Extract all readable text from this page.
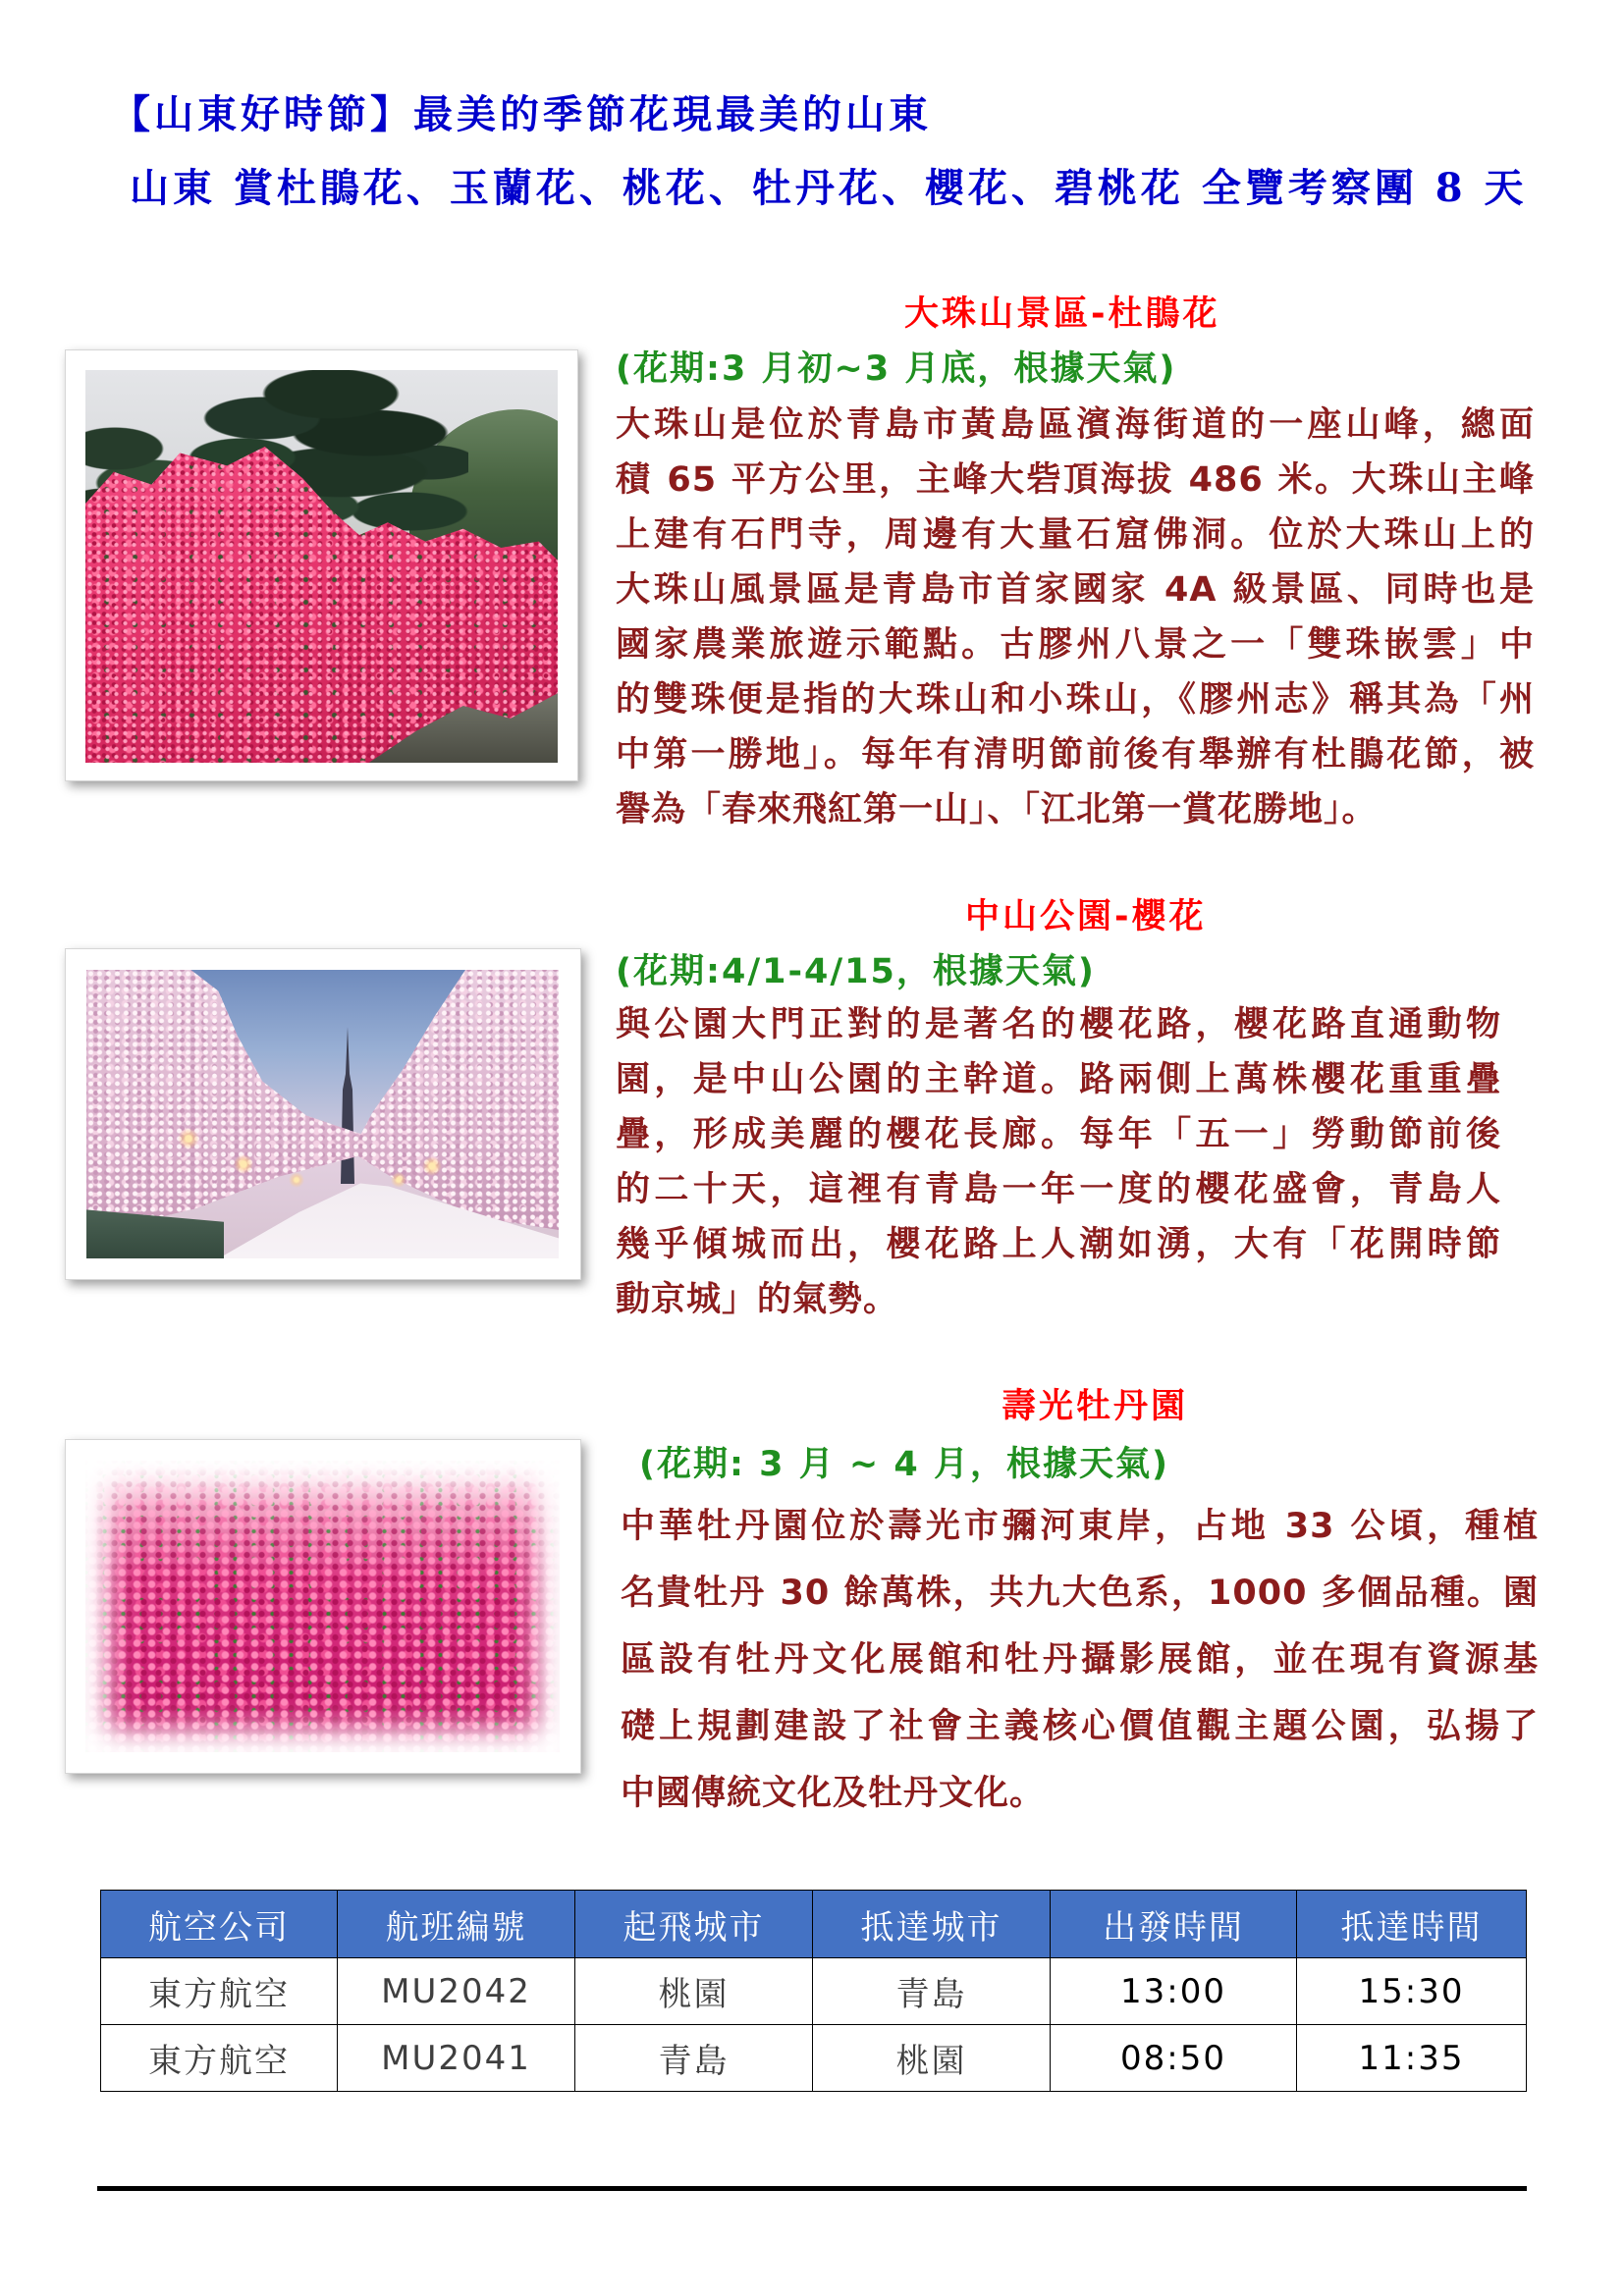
【山東好時節】最美的季節花現最美的山東
山東 賞杜鵑花、玉蘭花、桃花、牡丹花、櫻花、碧桃花 全覽考察團 8 天
大珠山景區-杜鵑花
(花期:3 月初~3 月底，根據天氣)
大珠山是位於青島市黃島區濱海街道的一座山峰，總面
積 65 平方公里，主峰大砦頂海拔 486 米。大珠山主峰
上建有石門寺，周邊有大量石窟佛洞。位於大珠山上的
大珠山風景區是青島市首家國家 4A 級景區、同時也是
國家農業旅遊示範點。古膠州八景之一「雙珠嵌雲」中
的雙珠便是指的大珠山和小珠山，《膠州志》稱其為「州
中第一勝地」。每年有清明節前後有舉辦有杜鵑花節，被
譽為「春來飛紅第一山」、「江北第一賞花勝地」。
中山公園-櫻花
(花期:4/1-4/15，根據天氣)
與公園大門正對的是著名的櫻花路，櫻花路直通動物
園，是中山公園的主幹道。路兩側上萬株櫻花重重疊
疊，形成美麗的櫻花長廊。每年「五一」勞動節前後
的二十天，這裡有青島一年一度的櫻花盛會，青島人
幾乎傾城而出，櫻花路上人潮如湧，大有「花開時節
動京城」的氣勢。
壽光牡丹園
(花期: 3 月 ~ 4 月，根據天氣)
中華牡丹園位於壽光市彌河東岸，占地 33 公頃，種植
名貴牡丹 30 餘萬株，共九大色系，1000 多個品種。園
區設有牡丹文化展館和牡丹攝影展館，並在現有資源基
礎上規劃建設了社會主義核心價值觀主題公園，弘揚了
中國傳統文化及牡丹文化。
航空公司	航班編號	起飛城市	抵達城市	出發時間	抵達時間
東方航空	MU2042	桃園	青島	13:00	15:30
東方航空	MU2041	青島	桃園	08:50	11:35
